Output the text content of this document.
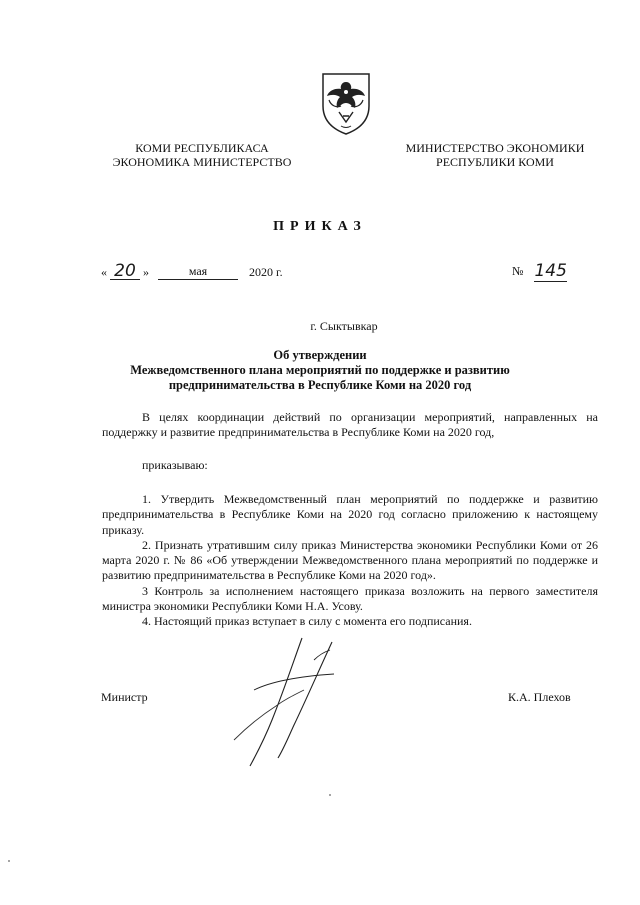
КОМИ РЕСПУБЛИКАСА
ЭКОНОМИКА МИНИСТЕРСТВО
МИНИСТЕРСТВО ЭКОНОМИКИ
РЕСПУБЛИКИ КОМИ
ПРИКАЗ
« 20 »	мая	2020 г.	№ 145
г. Сыктывкар
Об утверждении
Межведомственного плана мероприятий по поддержке и развитию
предпринимательства в Республике Коми на 2020 год
В целях координации действий по организации мероприятий, направленных на поддержку и развитие предпринимательства в Республике Коми на 2020 год,
приказываю:

1. Утвердить Межведомственный план мероприятий по поддержке и развитию предпринимательства в Республике Коми на 2020 год согласно приложению к настоящему приказу.

2. Признать утратившим силу приказ Министерства экономики Республики Коми от 26 марта 2020 г. № 86 «Об утверждении Межведомственного плана мероприятий по поддержке и развитию предпринимательства в Республике Коми на 2020 год».

3 Контроль за исполнением настоящего приказа возложить на первого заместителя министра экономики Республики Коми Н.А. Усову.

4. Настоящий приказ вступает в силу с момента его подписания.

Министр	К.А. Плехов
